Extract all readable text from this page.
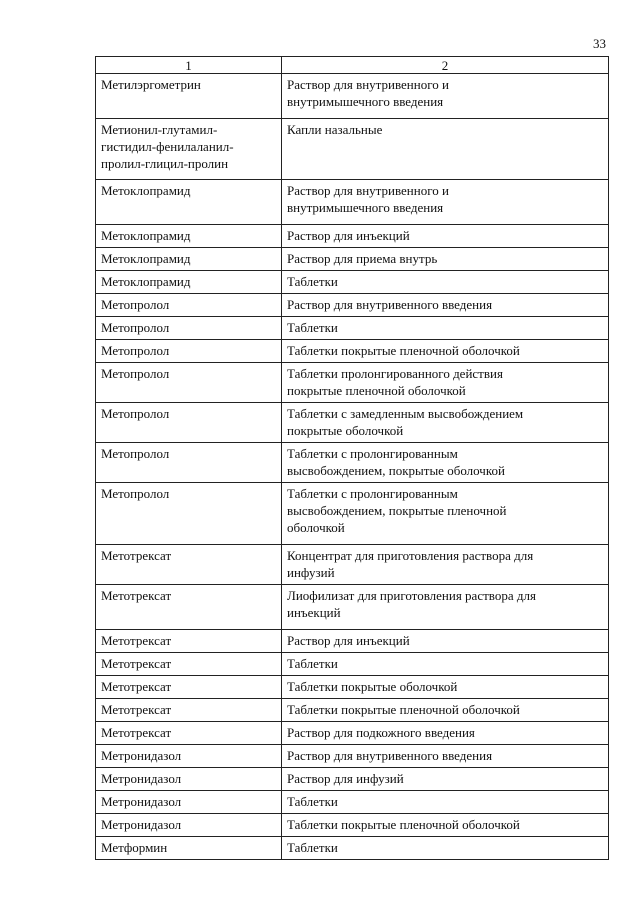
33
1	2
Метилэргометрин	Раствор для внутривенного и
внутримышечного введения
Метионил-глутамил-
гистидил-фенилаланил-
пролил-глицил-пролин	Капли назальные
Метоклопрамид	Раствор для внутривенного и
внутримышечного введения
Метоклопрамид	Раствор для инъекций
Метоклопрамид	Раствор для приема внутрь
Метоклопрамид	Таблетки
Метопролол	Раствор для внутривенного введения
Метопролол	Таблетки
Метопролол	Таблетки покрытые пленочной оболочкой
Метопролол	Таблетки пролонгированного действия
покрытые пленочной оболочкой
Метопролол	Таблетки с замедленным высвобождением
покрытые оболочкой
Метопролол	Таблетки с пролонгированным
высвобождением, покрытые оболочкой
Метопролол	Таблетки с пролонгированным
высвобождением, покрытые пленочной
оболочкой
Метотрексат	Концентрат для приготовления раствора для
инфузий
Метотрексат	Лиофилизат для приготовления раствора для
инъекций
Метотрексат	Раствор для инъекций
Метотрексат	Таблетки
Метотрексат	Таблетки покрытые оболочкой
Метотрексат	Таблетки покрытые пленочной оболочкой
Метотрексат	Раствор для подкожного введения
Метронидазол	Раствор для внутривенного введения
Метронидазол	Раствор для инфузий
Метронидазол	Таблетки
Метронидазол	Таблетки покрытые пленочной оболочкой
Метформин	Таблетки
